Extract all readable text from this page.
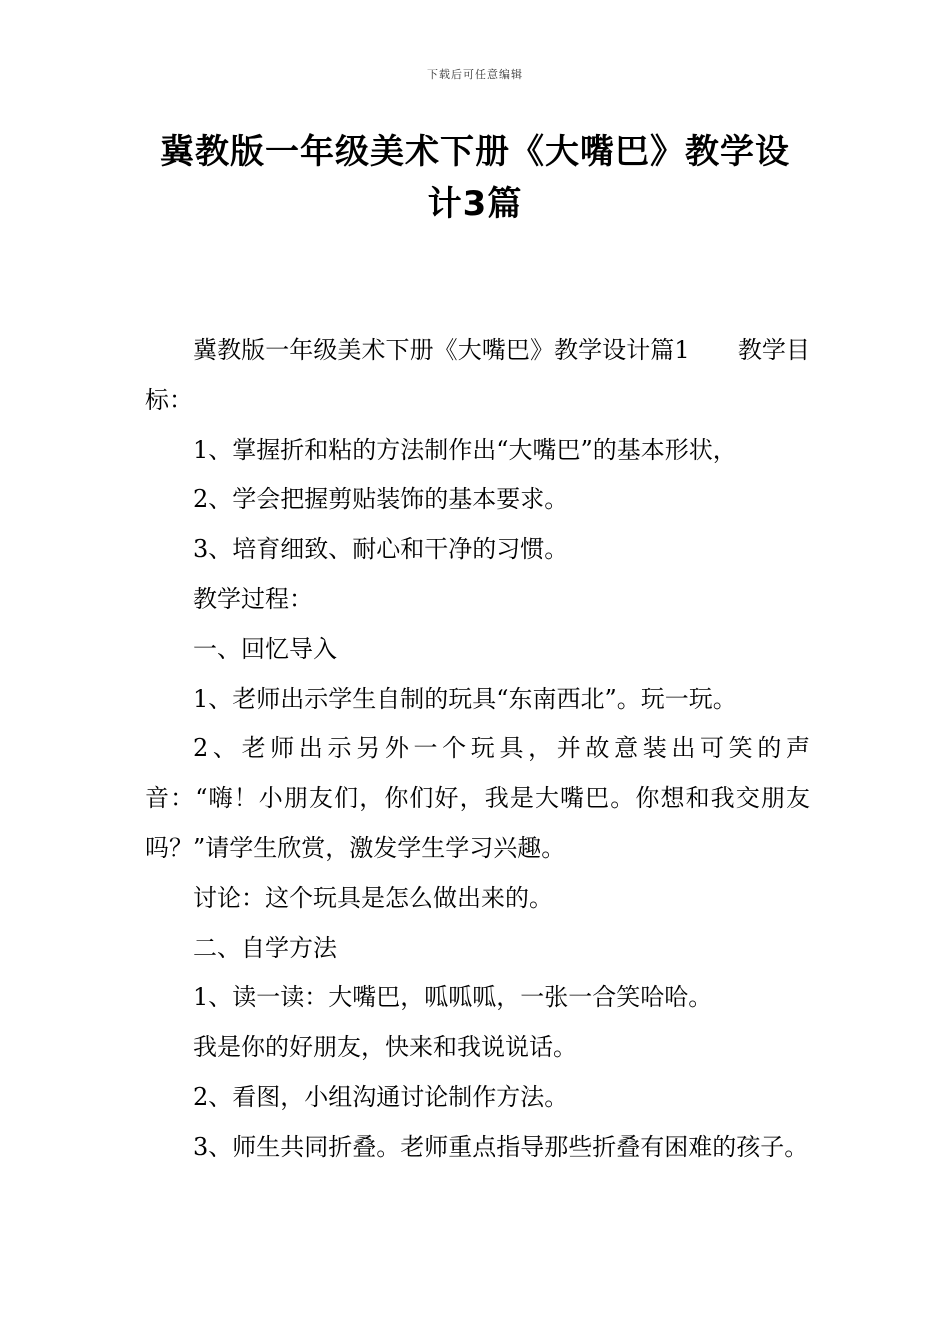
下载后可任意编辑
冀教版一年级美术下册《大嘴巴》教学设计3篇

冀教版一年级美术下册《大嘴巴》教学设计篇1　　教学目标：

1、掌握折和粘的方法制作出“大嘴巴”的基本形状，

2、学会把握剪贴装饰的基本要求。

3、培育细致、耐心和干净的习惯。

教学过程：

一、回忆导入

1、老师出示学生自制的玩具“东南西北”。玩一玩。

2、老师出示另外一个玩具，并故意装出可笑的声音：“嗨！小朋友们，你们好，我是大嘴巴。你想和我交朋友吗？”请学生欣赏，激发学生学习兴趣。

讨论：这个玩具是怎么做出来的。

二、自学方法

1、读一读：大嘴巴，呱呱呱，一张一合笑哈哈。

我是你的好朋友，快来和我说说话。

2、看图，小组沟通讨论制作方法。

3、师生共同折叠。老师重点指导那些折叠有困难的孩子。
